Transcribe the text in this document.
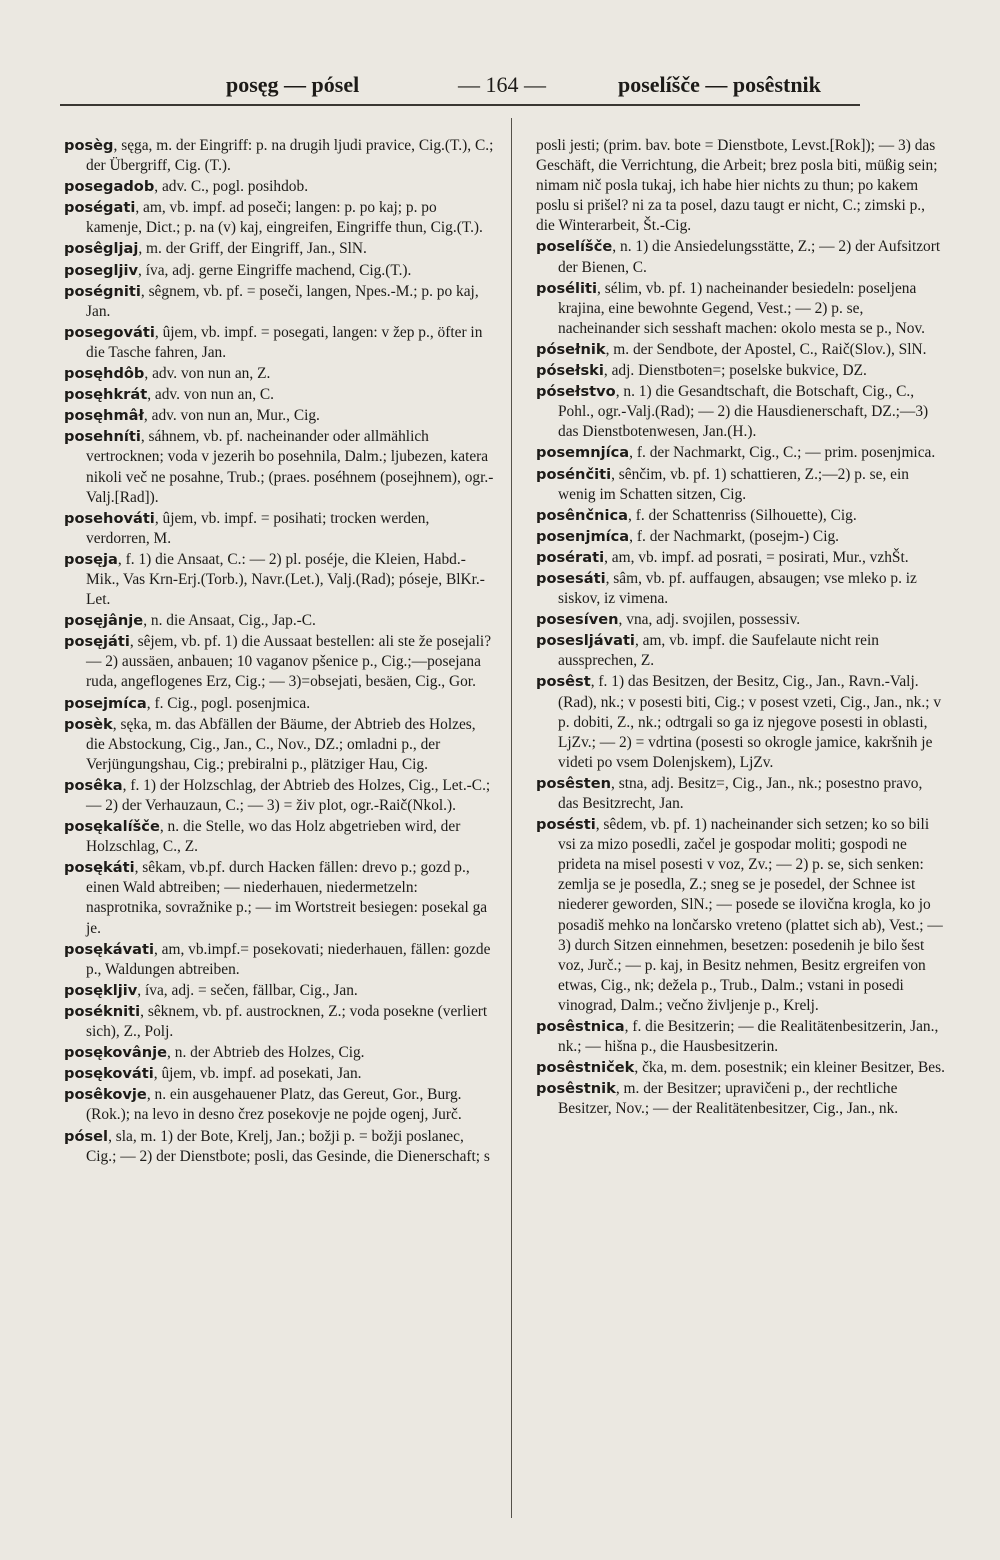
posęg — pósel	— 164 —	poselíšče — posêstnik

posèg, sęga, m. der Eingriff: p. na drugih ljudi pravice, Cig.(T.), C.; der Übergriff, Cig. (T.).

posegadob, adv. C., pogl. posihdob.

poségati, am, vb. impf. ad poseči; langen: p. po kaj; p. po kamenje, Dict.; p. na (v) kaj, eingreifen, Eingriffe thun, Cig.(T.).

posêgljaj, m. der Griff, der Eingriff, Jan., SlN.

poseglјiv, íva, adj. gerne Eingriffe machend, Cig.(T.).

poségniti, sêgnem, vb. pf. = poseči, langen, Npes.-M.; p. po kaj, Jan.

posegováti, ûjem, vb. impf. = posegati, langen: v žep p., öfter in die Tasche fahren, Jan.

posęhdôb, adv. von nun an, Z.

posęhkrát, adv. von nun an, C.

posęhmâł, adv. von nun an, Mur., Cig.

posehníti, sáhnem, vb. pf. nacheinander oder allmählich vertrocknen; voda v jezerih bo posehnila, Dalm.; ljubezen, katera nikoli več ne posahne, Trub.; (praes. poséhnem (posejhnem), ogr.-Valj.[Rad]).

posehováti, ûjem, vb. impf. = posihati; trocken werden, verdorren, M.

posęja, f. 1) die Ansaat, C.: — 2) pl. poséje, die Kleien, Habd.-Mik., Vas Krn-Erj.(Torb.), Navr.(Let.), Valj.(Rad); póseje, BlKr.-Let.

posęjânje, n. die Ansaat, Cig., Jap.-C.

posęjáti, sêjem, vb. pf. 1) die Aussaat bestellen: ali ste že posejali? — 2) aussäen, anbauen; 10 vaganov pšenice p., Cig.;—posejana ruda, angeflogenes Erz, Cig.; — 3)=obsejati, besäen, Cig., Gor.

posejmíca, f. Cig., pogl. posenjmica.

posèk, sęka, m. das Abfällen der Bäume, der Abtrieb des Holzes, die Abstockung, Cig., Jan., C., Nov., DZ.; omladni p., der Verjüngungshau, Cig.; prebiralni p., plätziger Hau, Cig.

posêka, f. 1) der Holzschlag, der Abtrieb des Holzes, Cig., Let.-C.; — 2) der Verhauzaun, C.; — 3) = živ plot, ogr.-Raič(Nkol.).

posękalíšče, n. die Stelle, wo das Holz abgetrieben wird, der Holzschlag, C., Z.

posękáti, sêkam, vb.pf. durch Hacken fällen: drevo p.; gozd p., einen Wald abtreiben; — niederhauen, niedermetzeln: nasprotnika, sovražnike p.; — im Wortstreit besiegen: posekal ga je.

posękávati, am, vb.impf.= posekovati; niederhauen, fällen: gozde p., Waldungen abtreiben.

posękljiv, íva, adj. = sečen, fällbar, Cig., Jan.

posékniti, sêknem, vb. pf. austrocknen, Z.; voda posekne (verliert sich), Z., Polj.

posękovânje, n. der Abtrieb des Holzes, Cig.

posękováti, ûjem, vb. impf. ad posekati, Jan.

posêkovje, n. ein ausgehauener Platz, das Gereut, Gor., Burg.(Rok.); na levo in desno črez posekovje ne pojde ogenj, Jurč.

pósel, sla, m. 1) der Bote, Krelj, Jan.; božji p. = božji poslanec, Cig.; — 2) der Dienstbote; posli, das Gesinde, die Dienerschaft; s

posli jesti; (prim. bav. bote = Dienstbote, Levst.[Rok]); — 3) das Geschäft, die Verrichtung, die Arbeit; brez posla biti, müßig sein; nimam nič posla tukaj, ich habe hier nichts zu thun; po kakem poslu si prišel? ni za ta posel, dazu taugt er nicht, C.; zimski p., die Winterarbeit, Št.-Cig.

poselíšče, n. 1) die Ansiedelungsstätte, Z.; — 2) der Aufsitzort der Bienen, C.

poséliti, sélim, vb. pf. 1) nacheinander besiedeln: poseljena krajina, eine bewohnte Gegend, Vest.; — 2) p. se, nacheinander sich sesshaft machen: okolo mesta se p., Nov.

pósełnik, m. der Sendbote, der Apostel, C., Raič(Slov.), SlN.

pósełski, adj. Dienstboten=; poselske bukvice, DZ.

pósełstvo, n. 1) die Gesandtschaft, die Botschaft, Cig., C., Pohl., ogr.-Valj.(Rad); — 2) die Hausdienerschaft, DZ.;—3) das Dienstbotenwesen, Jan.(H.).

posemnjíca, f. der Nachmarkt, Cig., C.; — prim. posenjmica.

posénčiti, sênčim, vb. pf. 1) schattieren, Z.;—2) p. se, ein wenig im Schatten sitzen, Cig.

posênčnica, f. der Schattenriss (Silhouette), Cig.

posenjmíca, f. der Nachmarkt, (posejm-) Cig.

posérati, am, vb. impf. ad posrati, = posirati, Mur., vzhŠt.

posesáti, sâm, vb. pf. auffaugen, absaugen; vse mleko p. iz siskov, iz vimena.

posesíven, vna, adj. svojilen, possessiv.

poseslјávati, am, vb. impf. die Saufelaute nicht rein aussprechen, Z.

posêst, f. 1) das Besitzen, der Besitz, Cig., Jan., Ravn.-Valj.(Rad), nk.; v posesti biti, Cig.; v posest vzeti, Cig., Jan., nk.; v p. dobiti, Z., nk.; odtrgali so ga iz njegove posesti in oblasti, LjZv.; — 2) = vdrtina (posesti so okrogle jamice, kakršnih je videti po vsem Dolenjskem), LjZv.

posêsten, stna, adj. Besitz=, Cig., Jan., nk.; posestno pravo, das Besitzrecht, Jan.

posésti, sêdem, vb. pf. 1) nacheinander sich setzen; ko so bili vsi za mizo posedli, začel je gospodar moliti; gospodi ne prideta na misel posesti v voz, Zv.; — 2) p. se, sich senken: zemlja se je posedla, Z.; sneg se je posedel, der Schnee ist niederer geworden, SlN.; — posede se ilovična krogla, ko jo posadiš mehko na lončarsko vreteno (plattet sich ab), Vest.; — 3) durch Sitzen einnehmen, besetzen: posedenih je bilo šest voz, Jurč.; — p. kaj, in Besitz nehmen, Besitz ergreifen von etwas, Cig., nk; dežela p., Trub., Dalm.; vstani in posedi vinograd, Dalm.; večno življenje p., Krelj.

posêstnica, f. die Besitzerin; — die Realitätenbesitzerin, Jan., nk.; — hišna p., die Hausbesitzerin.

posêstniček, čka, m. dem. posestnik; ein kleiner Besitzer, Bes.

posêstnik, m. der Besitzer; upravičeni p., der rechtliche Besitzer, Nov.; — der Realitätenbesitzer, Cig., Jan., nk.
